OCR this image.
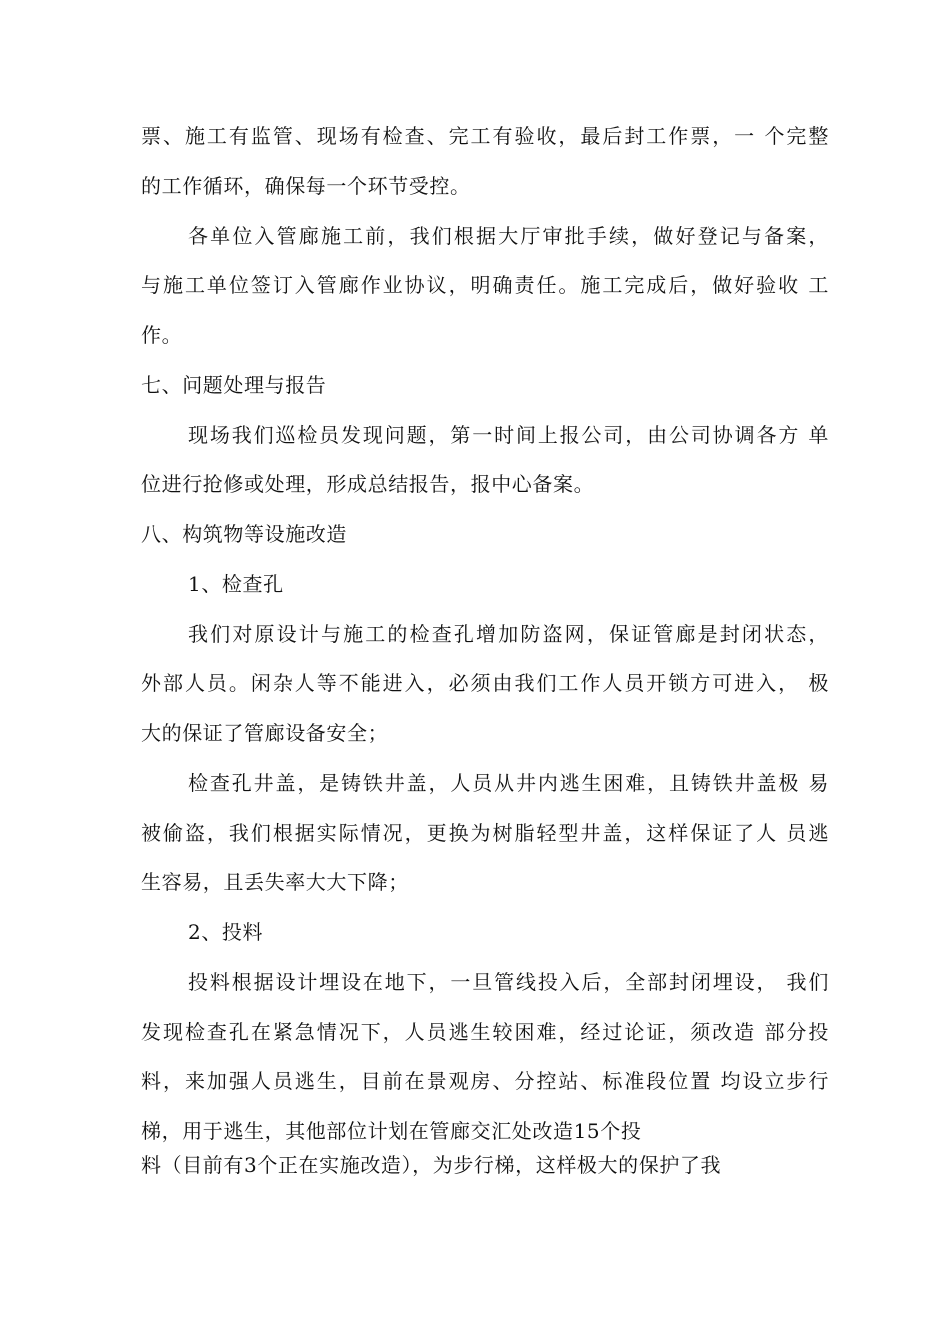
票、施工有监管、现场有检查、完工有验收，最后封工作票，一 个完整
的工作循环，确保每一个环节受控。
各单位入管廊施工前，我们根据大厅审批手续，做好登记与备案，
与施工单位签订入管廊作业协议，明确责任。施工完成后，做好验收 工
作。
七、问题处理与报告
现场我们巡检员发现问题，第一时间上报公司，由公司协调各方 单
位进行抢修或处理，形成总结报告，报中心备案。
八、构筑物等设施改造
1、检查孔
我们对原设计与施工的检查孔增加防盗网，保证管廊是封闭状态，
外部人员。闲杂人等不能进入，必须由我们工作人员开锁方可进入， 极
大的保证了管廊设备安全；
检查孔井盖，是铸铁井盖，人员从井内逃生困难，且铸铁井盖极 易
被偷盗，我们根据实际情况，更换为树脂轻型井盖，这样保证了人 员逃
生容易，且丢失率大大下降；
2、投料
投料根据设计埋设在地下，一旦管线投入后，全部封闭埋设， 我们
发现检查孔在紧急情况下，人员逃生较困难，经过论证，须改造 部分投
料，来加强人员逃生，目前在景观房、分控站、标准段位置 均设立步行
梯，用于逃生，其他部位计划在管廊交汇处改造15个投
料（目前有3个正在实施改造），为步行梯，这样极大的保护了我
